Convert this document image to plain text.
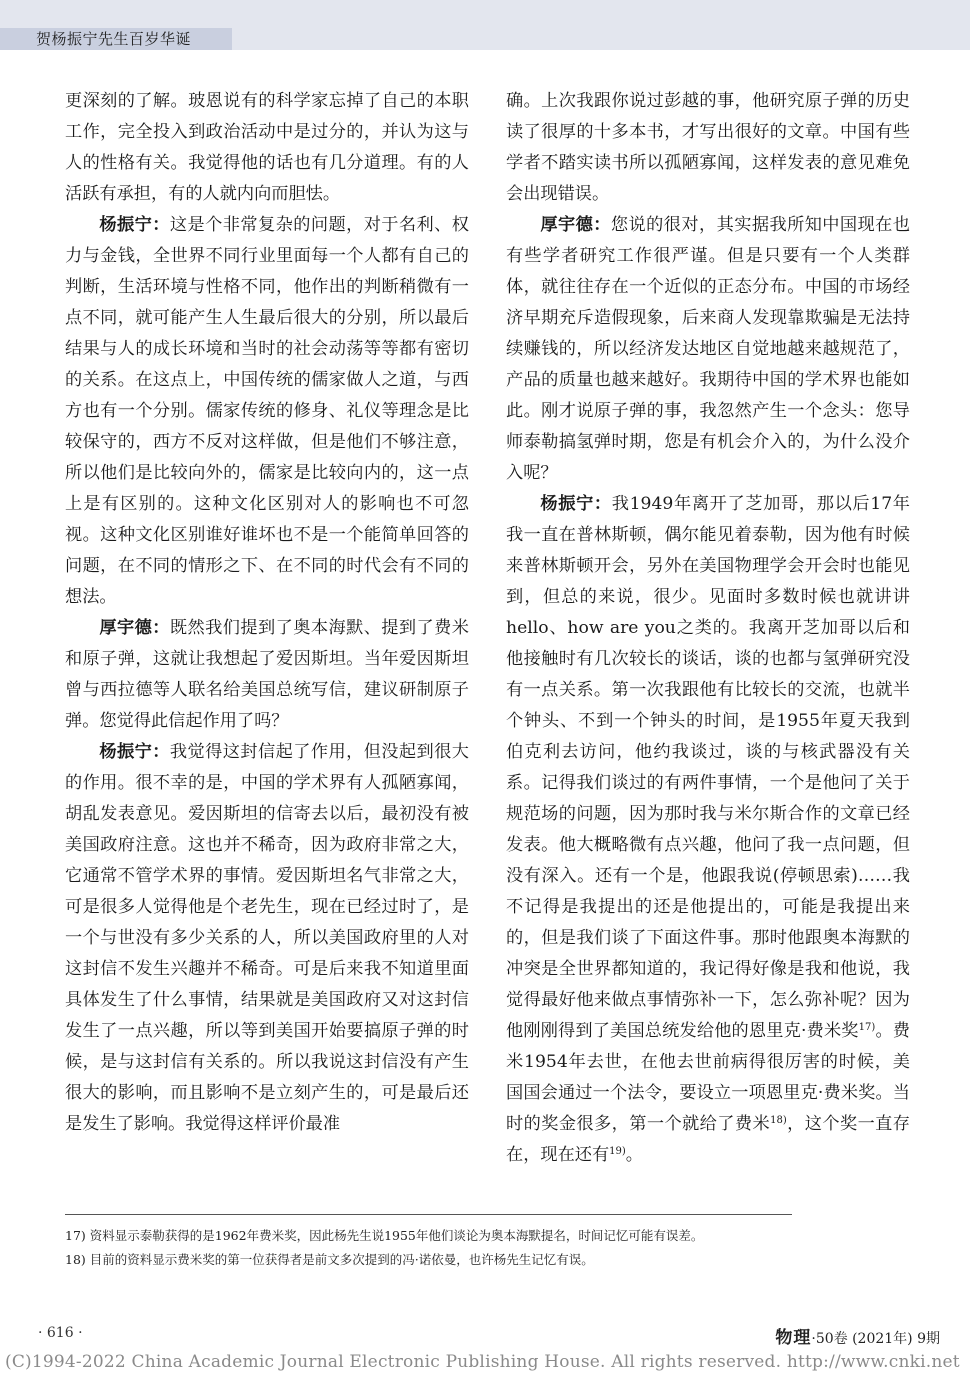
贺杨振宁先生百岁华诞

更深刻的了解。玻恩说有的科学家忘掉了自己的本职工作，完全投入到政治活动中是过分的，并认为这与人的性格有关。我觉得他的话也有几分道理。有的人活跃有承担，有的人就内向而胆怯。

杨振宁：这是个非常复杂的问题，对于名利、权力与金钱，全世界不同行业里面每一个人都有自己的判断，生活环境与性格不同，他作出的判断稍微有一点不同，就可能产生人生最后很大的分别，所以最后结果与人的成长环境和当时的社会动荡等等都有密切的关系。在这点上，中国传统的儒家做人之道，与西方也有一个分别。儒家传统的修身、礼仪等理念是比较保守的，西方不反对这样做，但是他们不够注意，所以他们是比较向外的，儒家是比较向内的，这一点上是有区别的。这种文化区别对人的影响也不可忽视。这种文化区别谁好谁坏也不是一个能简单回答的问题，在不同的情形之下、在不同的时代会有不同的想法。

厚宇德：既然我们提到了奥本海默、提到了费米和原子弹，这就让我想起了爱因斯坦。当年爱因斯坦曾与西拉德等人联名给美国总统写信，建议研制原子弹。您觉得此信起作用了吗？

杨振宁：我觉得这封信起了作用，但没起到很大的作用。很不幸的是，中国的学术界有人孤陋寡闻，胡乱发表意见。爱因斯坦的信寄去以后，最初没有被美国政府注意。这也并不稀奇，因为政府非常之大，它通常不管学术界的事情。爱因斯坦名气非常之大，可是很多人觉得他是个老先生，现在已经过时了，是一个与世没有多少关系的人，所以美国政府里的人对这封信不发生兴趣并不稀奇。可是后来我不知道里面具体发生了什么事情，结果就是美国政府又对这封信发生了一点兴趣，所以等到美国开始要搞原子弹的时候，是与这封信有关系的。所以我说这封信没有产生很大的影响，而且影响不是立刻产生的，可是最后还是发生了影响。我觉得这样评价最准

确。上次我跟你说过彭越的事，他研究原子弹的历史读了很厚的十多本书，才写出很好的文章。中国有些学者不踏实读书所以孤陋寡闻，这样发表的意见难免会出现错误。

厚宇德：您说的很对，其实据我所知中国现在也有些学者研究工作很严谨。但是只要有一个人类群体，就往往存在一个近似的正态分布。中国的市场经济早期充斥造假现象，后来商人发现靠欺骗是无法持续赚钱的，所以经济发达地区自觉地越来越规范了，产品的质量也越来越好。我期待中国的学术界也能如此。刚才说原子弹的事，我忽然产生一个念头：您导师泰勒搞氢弹时期，您是有机会介入的，为什么没介入呢？

杨振宁：我1949年离开了芝加哥，那以后17年我一直在普林斯顿，偶尔能见着泰勒，因为他有时候来普林斯顿开会，另外在美国物理学会开会时也能见到，但总的来说，很少。见面时多数时候也就讲讲hello、how are you之类的。我离开芝加哥以后和他接触时有几次较长的谈话，谈的也都与氢弹研究没有一点关系。第一次我跟他有比较长的交流，也就半个钟头、不到一个钟头的时间，是1955年夏天我到伯克利去访问，他约我谈过，谈的与核武器没有关系。记得我们谈过的有两件事情，一个是他问了关于规范场的问题，因为那时我与米尔斯合作的文章已经发表。他大概略微有点兴趣，他问了我一点问题，但没有深入。还有一个是，他跟我说(停顿思索)……我不记得是我提出的还是他提出的，可能是我提出来的，但是我们谈了下面这件事。那时他跟奥本海默的冲突是全世界都知道的，我记得好像是我和他说，我觉得最好他来做点事情弥补一下，怎么弥补呢？因为他刚刚得到了美国总统发给他的恩里克·费米奖$^{17)}$。费米1954年去世，在他去世前病得很厉害的时候，美国国会通过一个法令，要设立一项恩里克·费米奖。当时的奖金很多，第一个就给了费米$^{18)}$，这个奖一直存在，现在还有$^{19)}$。

17) 资料显示泰勒获得的是1962年费米奖，因此杨先生说1955年他们谈论为奥本海默提名，时间记忆可能有误差。
18) 目前的资料显示费米奖的第一位获得者是前文多次提到的冯·诺依曼，也许杨先生记忆有误。
· 616 ·	物理·50卷 (2021年) 9期
(C)1994-2022 China Academic Journal Electronic Publishing House. All rights reserved. http://www.cnki.net
